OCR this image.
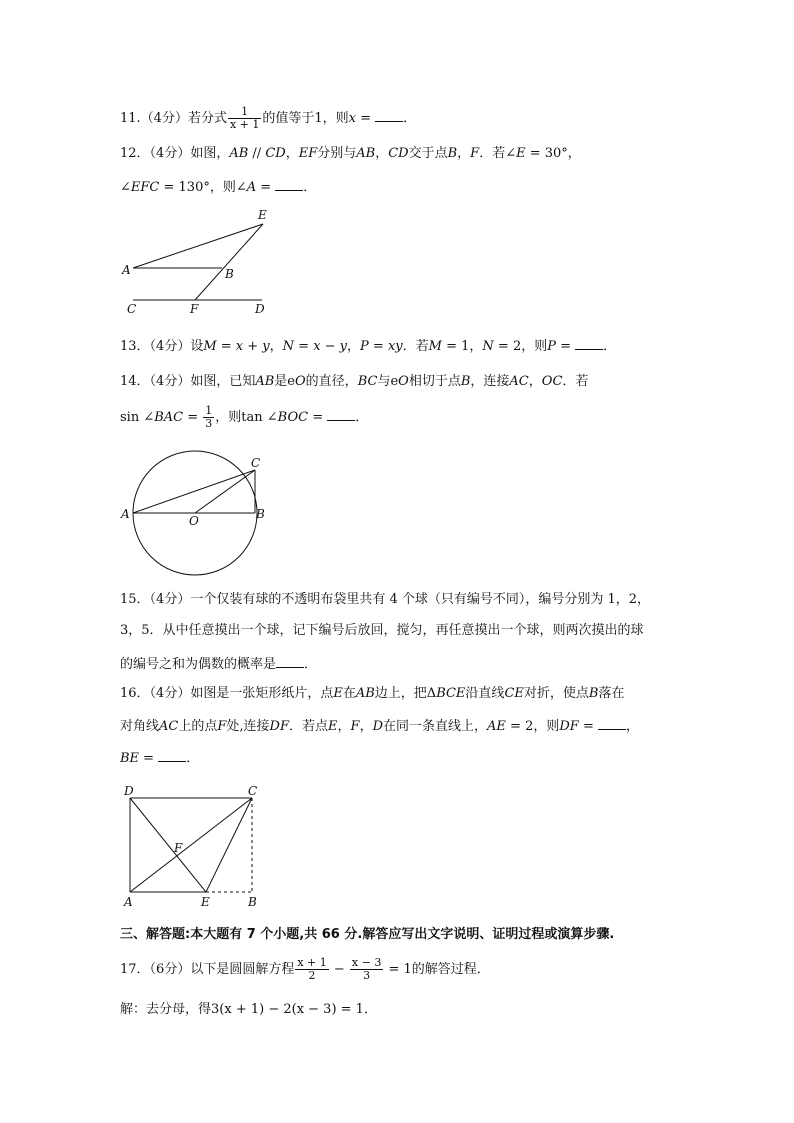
11.（4分）若分式 $\frac{1}{x + 1}$ 的值等于1，则x = ．
12．（4分）如图，AB // CD，EF分别与AB，CD交于点B，F．若∠E = 30°，
∠EFC = 130°，则∠A = ．
E
A	B
C	F	D
13．（4分）设M = x + y，N = x − y，P = xy．若M = 1，N = 2，则P = ．
14．（4分）如图，已知AB是eO的直径，BC与eO相切于点B，连接AC，OC．若
sin ∠BAC = $\frac{1}{3}$ ，则tan ∠BOC = ．
A	O	B
C
15．（4分）一个仅装有球的不透明布袋里共有 4 个球（只有编号不同），编号分别为 1，2，
3，5．从中任意摸出一个球，记下编号后放回，搅匀，再任意摸出一个球，则两次摸出的球
的编号之和为偶数的概率是 ．
16．（4分）如图是一张矩形纸片，点E在AB边上，把ΔBCE沿直线CE对折，使点B落在
对角线AC上的点F处,连接DF．若点E，F，D在同一条直线上，AE = 2，则DF = ，
BE = ．
D	C
F
A	E	B
三、解答题:本大题有 7 个小题,共 66 分.解答应写出文字说明、证明过程或演算步骤.
17．（6分）以下是圆圆解方程 $\frac{x + 1}{2} - \frac{x - 3}{3} = 1$的解答过程．
解：去分母，得3(x + 1) − 2(x − 3) = 1．
